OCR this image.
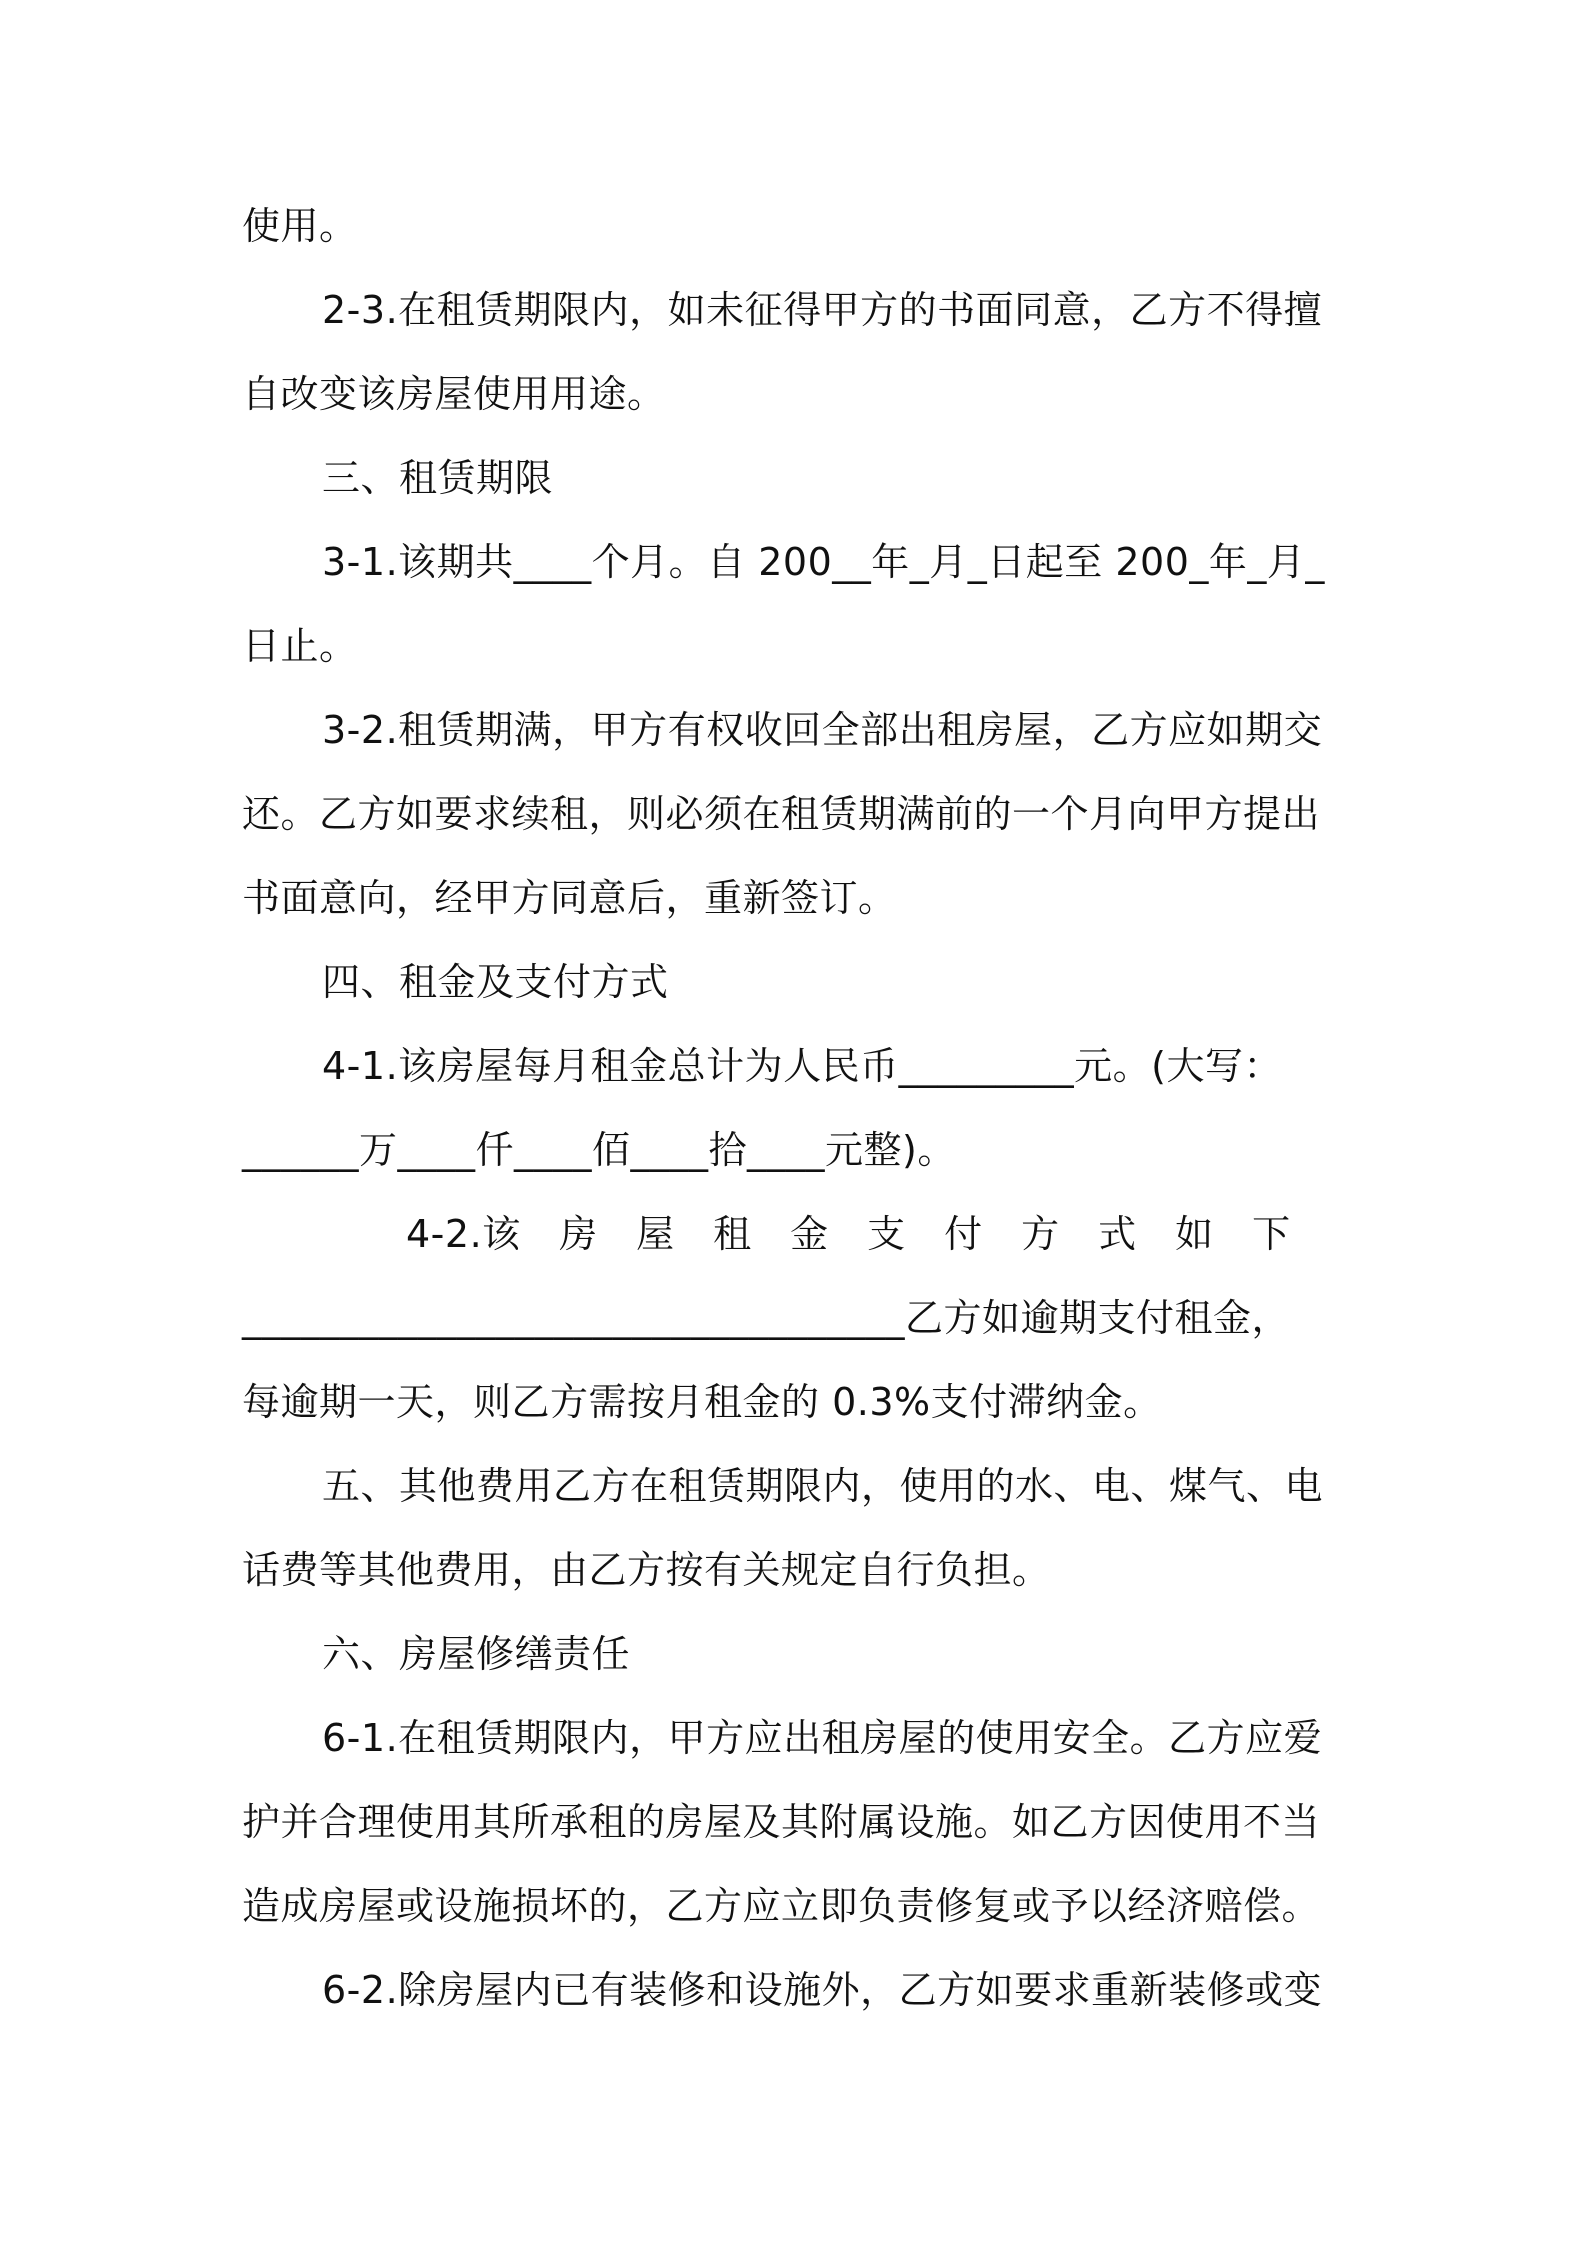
使用。
2-3.在租赁期限内，如未征得甲方的书面同意，乙方不得擅
自改变该房屋使用用途。
三、租赁期限
3-1.该期共____个月。自 200__年_月_日起至 200_年_月_
日止。
3-2.租赁期满，甲方有权收回全部出租房屋，乙方应如期交
还。乙方如要求续租，则必须在租赁期满前的一个月向甲方提出
书面意向，经甲方同意后，重新签订。
四、租金及支付方式
4-1.该房屋每月租金总计为人民币_________元。(大写：
______万____仟____佰____拾____元整)。
4-2.该　房　屋　租　金　支　付　方　式　如　下
__________________________________乙方如逾期支付租金，
每逾期一天，则乙方需按月租金的 0.3%支付滞纳金。
五、其他费用乙方在租赁期限内，使用的水、电、煤气、电
话费等其他费用，由乙方按有关规定自行负担。
六、房屋修缮责任
6-1.在租赁期限内，甲方应出租房屋的使用安全。乙方应爱
护并合理使用其所承租的房屋及其附属设施。如乙方因使用不当
造成房屋或设施损坏的，乙方应立即负责修复或予以经济赔偿。
6-2.除房屋内已有装修和设施外，乙方如要求重新装修或变
